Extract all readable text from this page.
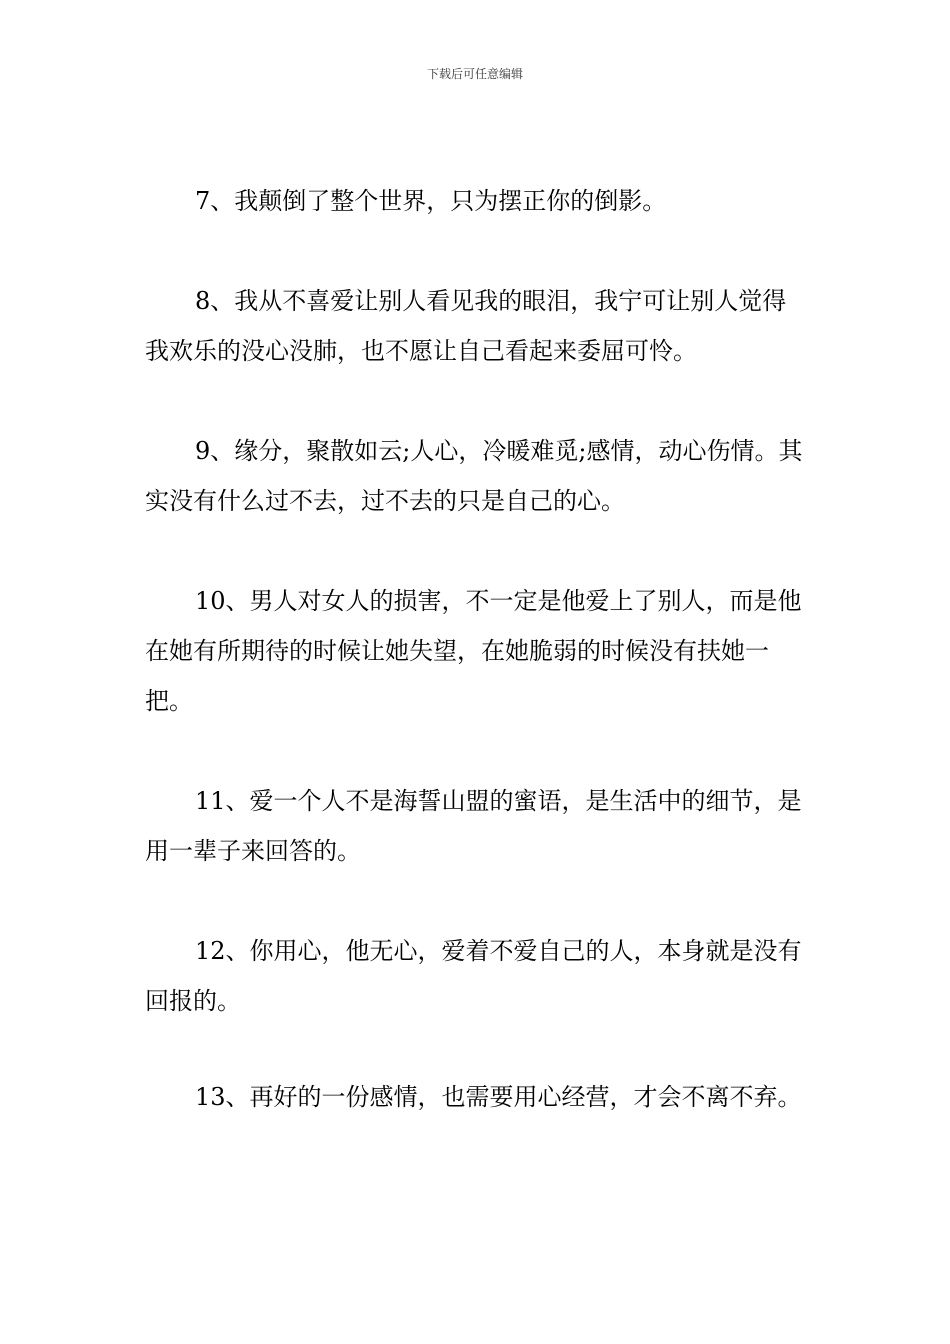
下载后可任意编辑

7、我颠倒了整个世界，只为摆正你的倒影。

8、我从不喜爱让别人看见我的眼泪，我宁可让别人觉得我欢乐的没心没肺，也不愿让自己看起来委屈可怜。

9、缘分，聚散如云;人心，冷暖难觅;感情，动心伤情。其实没有什么过不去，过不去的只是自己的心。

10、男人对女人的损害，不一定是他爱上了别人，而是他在她有所期待的时候让她失望，在她脆弱的时候没有扶她一把。

11、爱一个人不是海誓山盟的蜜语，是生活中的细节，是用一辈子来回答的。

12、你用心，他无心，爱着不爱自己的人，本身就是没有回报的。

13、再好的一份感情，也需要用心经营，才会不离不弃。
